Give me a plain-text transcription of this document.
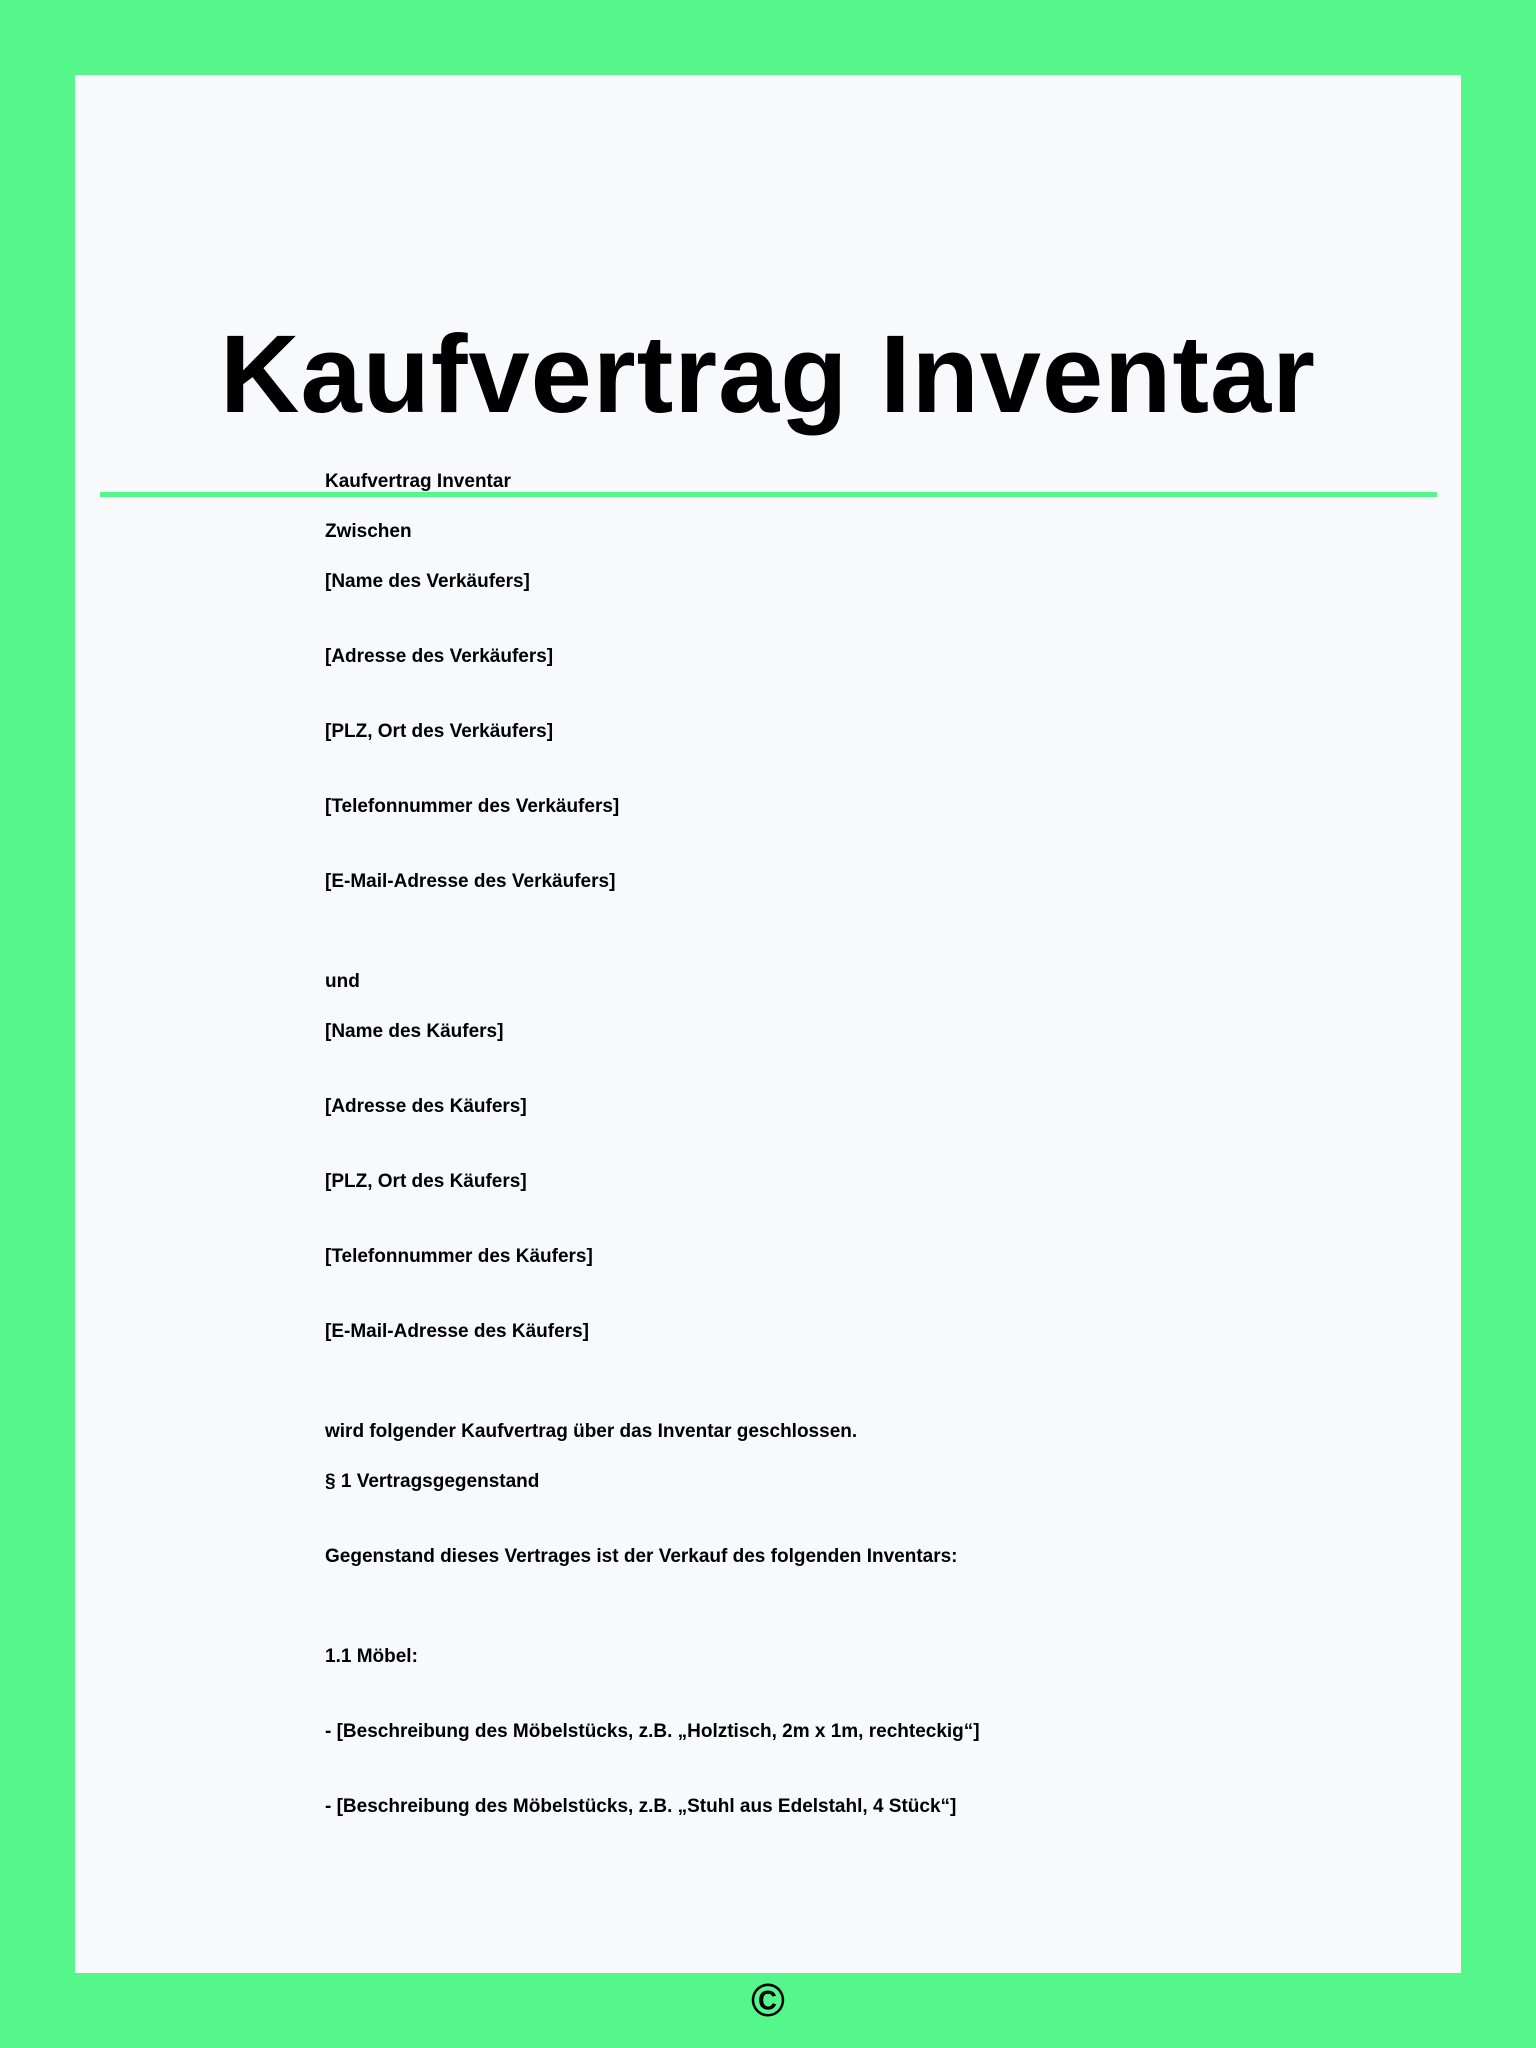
Kaufvertrag Inventar
Kaufvertrag Inventar
Zwischen
[Name des Verkäufers]
[Adresse des Verkäufers]
[PLZ, Ort des Verkäufers]
[Telefonnummer des Verkäufers]
[E-Mail-Adresse des Verkäufers]
und
[Name des Käufers]
[Adresse des Käufers]
[PLZ, Ort des Käufers]
[Telefonnummer des Käufers]
[E-Mail-Adresse des Käufers]
wird folgender Kaufvertrag über das Inventar geschlossen.
§ 1 Vertragsgegenstand
Gegenstand dieses Vertrages ist der Verkauf des folgenden Inventars:
1.1 Möbel:
- [Beschreibung des Möbelstücks, z.B. „Holztisch, 2m x 1m, rechteckig“]
- [Beschreibung des Möbelstücks, z.B. „Stuhl aus Edelstahl, 4 Stück“]
©
